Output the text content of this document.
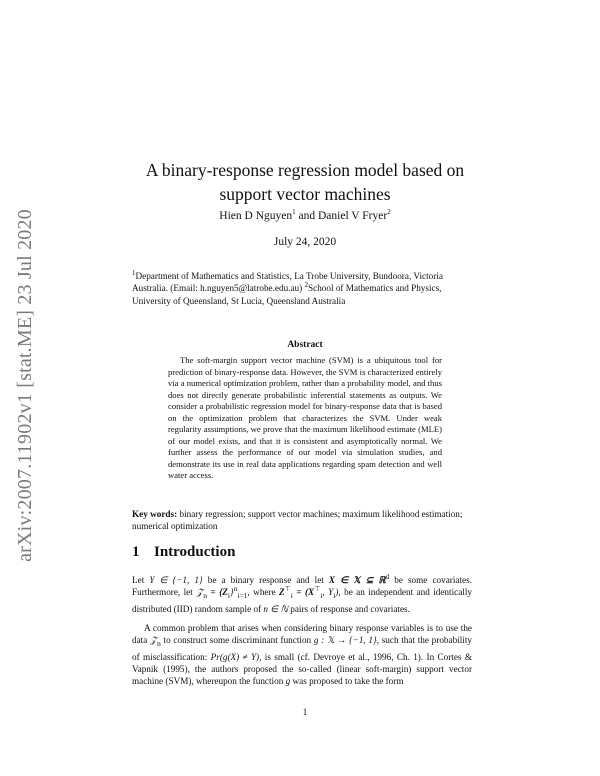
arXiv:2007.11902v1 [stat.ME] 23 Jul 2020
A binary-response regression model based on
support vector machines
Hien D Nguyen$^1$ and Daniel V Fryer$^2$
July 24, 2020
$^1$Department of Mathematics and Statistics, La Trobe University, Bundoora, Victoria Australia. (Email: h.nguyen5@latrobe.edu.au) $^2$School of Mathematics and Physics, University of Queensland, St Lucia, Queensland Australia
Abstract
The soft-margin support vector machine (SVM) is a ubiquitous tool for prediction of binary-response data. However, the SVM is characterized entirely via a numerical optimization problem, rather than a probability model, and thus does not directly generate probabilistic inferential statements as outputs. We consider a probabilistic regression model for binary-response data that is based on the optimization problem that characterizes the SVM. Under weak regularity assumptions, we prove that the maximum likelihood estimate (MLE) of our model exists, and that it is consistent and asymptotically normal. We further assess the performance of our model via simulation studies, and demonstrate its use in real data applications regarding spam detection and well water access.
Key words: binary regression; support vector machines; maximum likelihood estimation; numerical optimization
1 Introduction
Let Y ∈ {−1, 1} be a binary response and let X ∈ 𝕏 ⊆ ℝ$^d$ be some covariates. Furthermore, let 𝒵$_n$ = $\{Z_i\}^n_{i=1}$, where $Z^⊤_i = (X^⊤_i$, $Y_i$), be an independent and identically distributed (IID) random sample of n ∈ ℕ pairs of response and covariates.
A common problem that arises when considering binary response variables is to use the data 𝒵$_n$ to construct some discriminant function g : 𝕏 → {−1, 1}, such that the probability of misclassification: Pr(g(X) ≠ Y), is small (cf. Devroye et al., 1996, Ch. 1). In Cortes & Vapnik (1995), the authors proposed the so-called (linear soft-margin) support vector machine (SVM), whereupon the function g was proposed to take the form
1
